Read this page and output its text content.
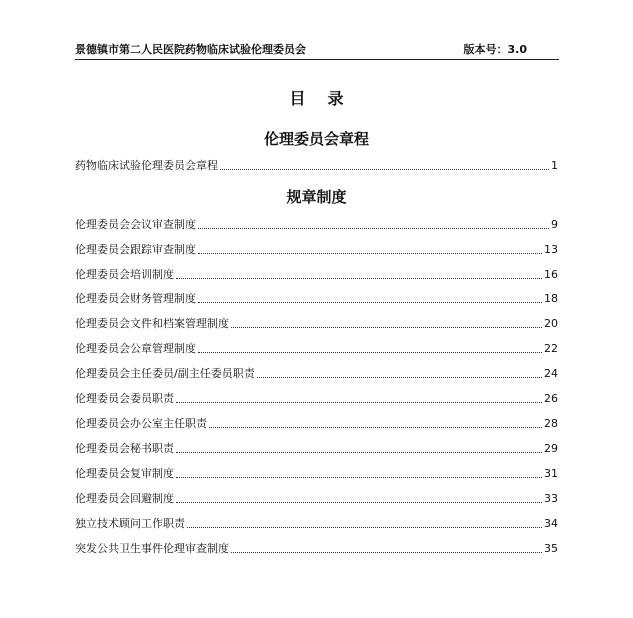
景德镇市第二人民医院药物临床试验伦理委员会	版本号：3.0
目录
伦理委员会章程
药物临床试验伦理委员会章程	1
规章制度
伦理委员会会议审查制度	9
伦理委员会跟踪审查制度	13
伦理委员会培训制度	16
伦理委员会财务管理制度	18
伦理委员会文件和档案管理制度	20
伦理委员会公章管理制度	22
伦理委员会主任委员/副主任委员职责	24
伦理委员会委员职责	26
伦理委员会办公室主任职责	28
伦理委员会秘书职责	29
伦理委员会复审制度	31
伦理委员会回避制度	33
独立技术顾问工作职责	34
突发公共卫生事件伦理审查制度	35
